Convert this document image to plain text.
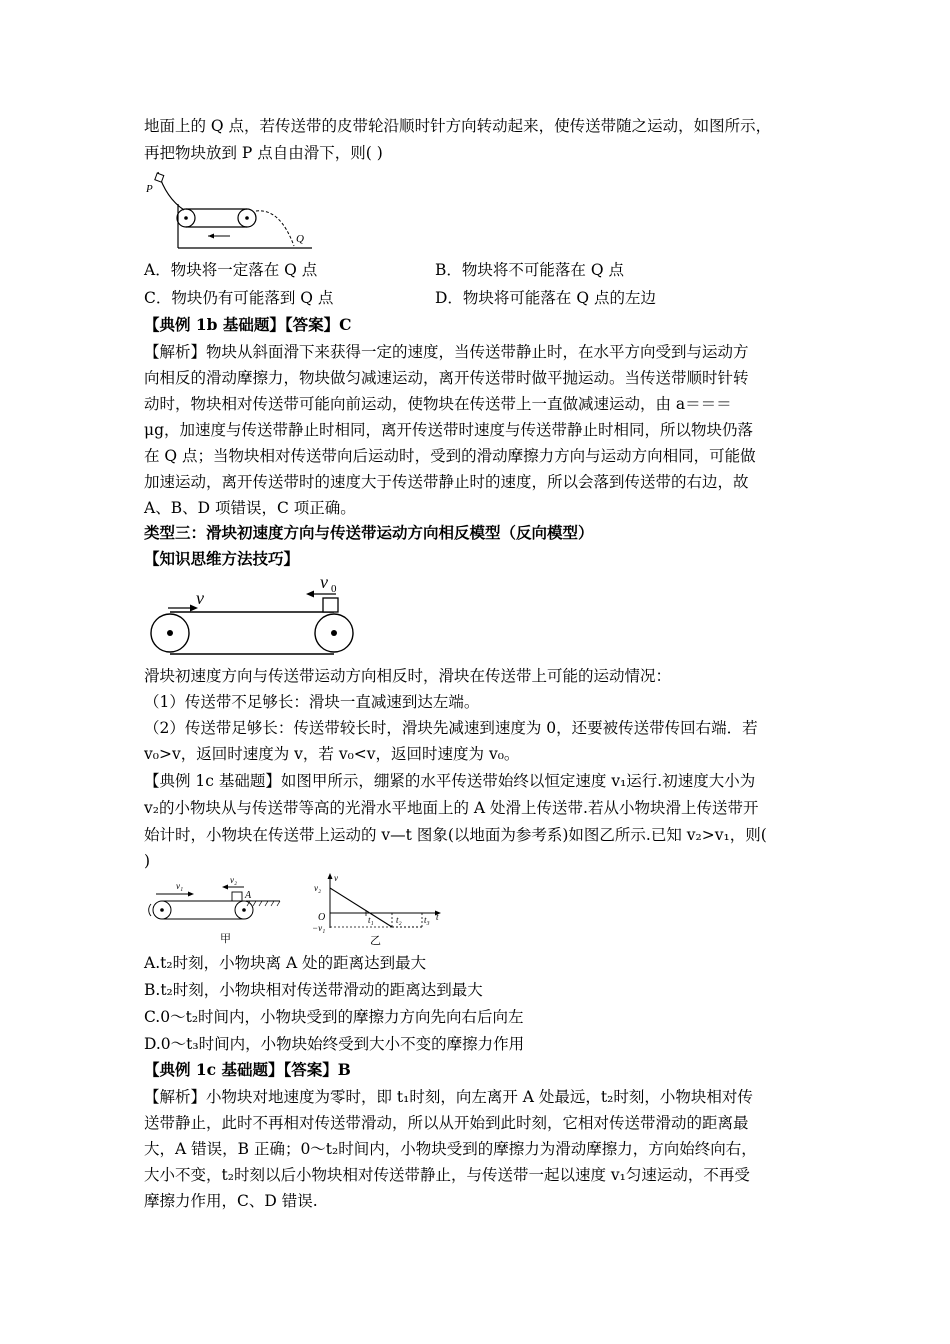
地面上的 Q 点，若传送带的皮带轮沿顺时针方向转动起来，使传送带随之运动，如图所示，
再把物块放到 P 点自由滑下，则( )
P
Q
A．物块将一定落在 Q 点	B．物块将不可能落在 Q 点
C．物块仍有可能落到 Q 点	D．物块将可能落在 Q 点的左边
【典例 1b 基础题】【答案】C
【解析】物块从斜面滑下来获得一定的速度，当传送带静止时，在水平方向受到与运动方
向相反的滑动摩擦力，物块做匀减速运动，离开传送带时做平抛运动。当传送带顺时针转
动时，物块相对传送带可能向前运动，使物块在传送带上一直做减速运动，由 a＝＝＝
μg，加速度与传送带静止时相同，离开传送带时速度与传送带静止时相同，所以物块仍落
在 Q 点；当物块相对传送带向后运动时，受到的滑动摩擦力方向与运动方向相同，可能做
加速运动，离开传送带时的速度大于传送带静止时的速度，所以会落到传送带的右边，故
A、B、D 项错误，C 项正确。
类型三：滑块初速度方向与传送带运动方向相反模型（反向模型）
【知识思维方法技巧】
v
v 0
滑块初速度方向与传送带运动方向相反时，滑块在传送带上可能的运动情况：
（1）传送带不足够长：滑块一直减速到达左端。
（2）传送带足够长：传送带较长时，滑块先减速到速度为 0，还要被传送带传回右端．若
v₀>v，返回时速度为 v，若 v₀<v，返回时速度为 v₀。
【典例 1c 基础题】如图甲所示，绷紧的水平传送带始终以恒定速度 v₁运行.初速度大小为
v₂的小物块从与传送带等高的光滑水平地面上的 A 处滑上传送带.若从小物块滑上传送带开
始计时，小物块在传送带上运动的 v—t 图象(以地面为参考系)如图乙所示.已知 v₂>v₁，则(
)
v₁
v₂
A
甲
v
t
O
v₂
−v₁
t₁ t₂ t₃
乙
A.t₂时刻，小物块离 A 处的距离达到最大
B.t₂时刻，小物块相对传送带滑动的距离达到最大
C.0～t₂时间内，小物块受到的摩擦力方向先向右后向左
D.0～t₃时间内，小物块始终受到大小不变的摩擦力作用
【典例 1c 基础题】【答案】B
【解析】小物块对地速度为零时，即 t₁时刻，向左离开 A 处最远，t₂时刻，小物块相对传
送带静止，此时不再相对传送带滑动，所以从开始到此时刻，它相对传送带滑动的距离最
大，A 错误，B 正确；0～t₂时间内，小物块受到的摩擦力为滑动摩擦力，方向始终向右，
大小不变，t₂时刻以后小物块相对传送带静止，与传送带一起以速度 v₁匀速运动，不再受
摩擦力作用，C、D 错误.
